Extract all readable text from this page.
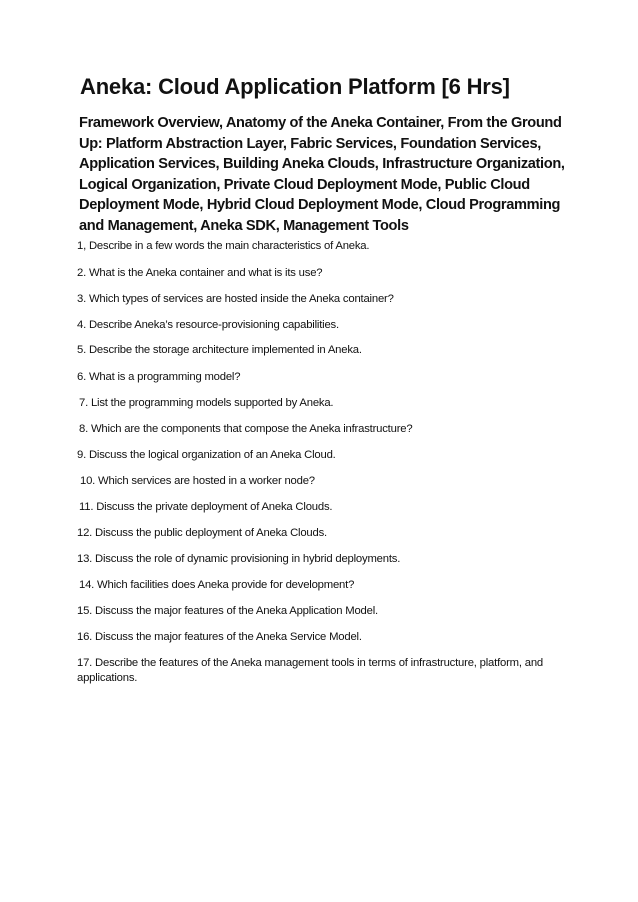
Aneka: Cloud Application Platform [6 Hrs]
Framework Overview, Anatomy of the Aneka Container, From the Ground Up: Platform Abstraction Layer, Fabric Services, Foundation Services, Application Services, Building Aneka Clouds, Infrastructure Organization, Logical Organization, Private Cloud Deployment Mode, Public Cloud Deployment Mode, Hybrid Cloud Deployment Mode, Cloud Programming and Management, Aneka SDK, Management Tools
1, Describe in a few words the main characteristics of Aneka.
2. What is the Aneka container and what is its use?
3. Which types of services are hosted inside the Aneka container?
4. Describe Aneka’s resource-provisioning capabilities.
5. Describe the storage architecture implemented in Aneka.
6. What is a programming model?
7. List the programming models supported by Aneka.
8. Which are the components that compose the Aneka infrastructure?
9. Discuss the logical organization of an Aneka Cloud.
10. Which services are hosted in a worker node?
11. Discuss the private deployment of Aneka Clouds.
12. Discuss the public deployment of Aneka Clouds.
13. Discuss the role of dynamic provisioning in hybrid deployments.
14. Which facilities does Aneka provide for development?
15. Discuss the major features of the Aneka Application Model.
16. Discuss the major features of the Aneka Service Model.
17. Describe the features of the Aneka management tools in terms of infrastructure, platform, and applications.
